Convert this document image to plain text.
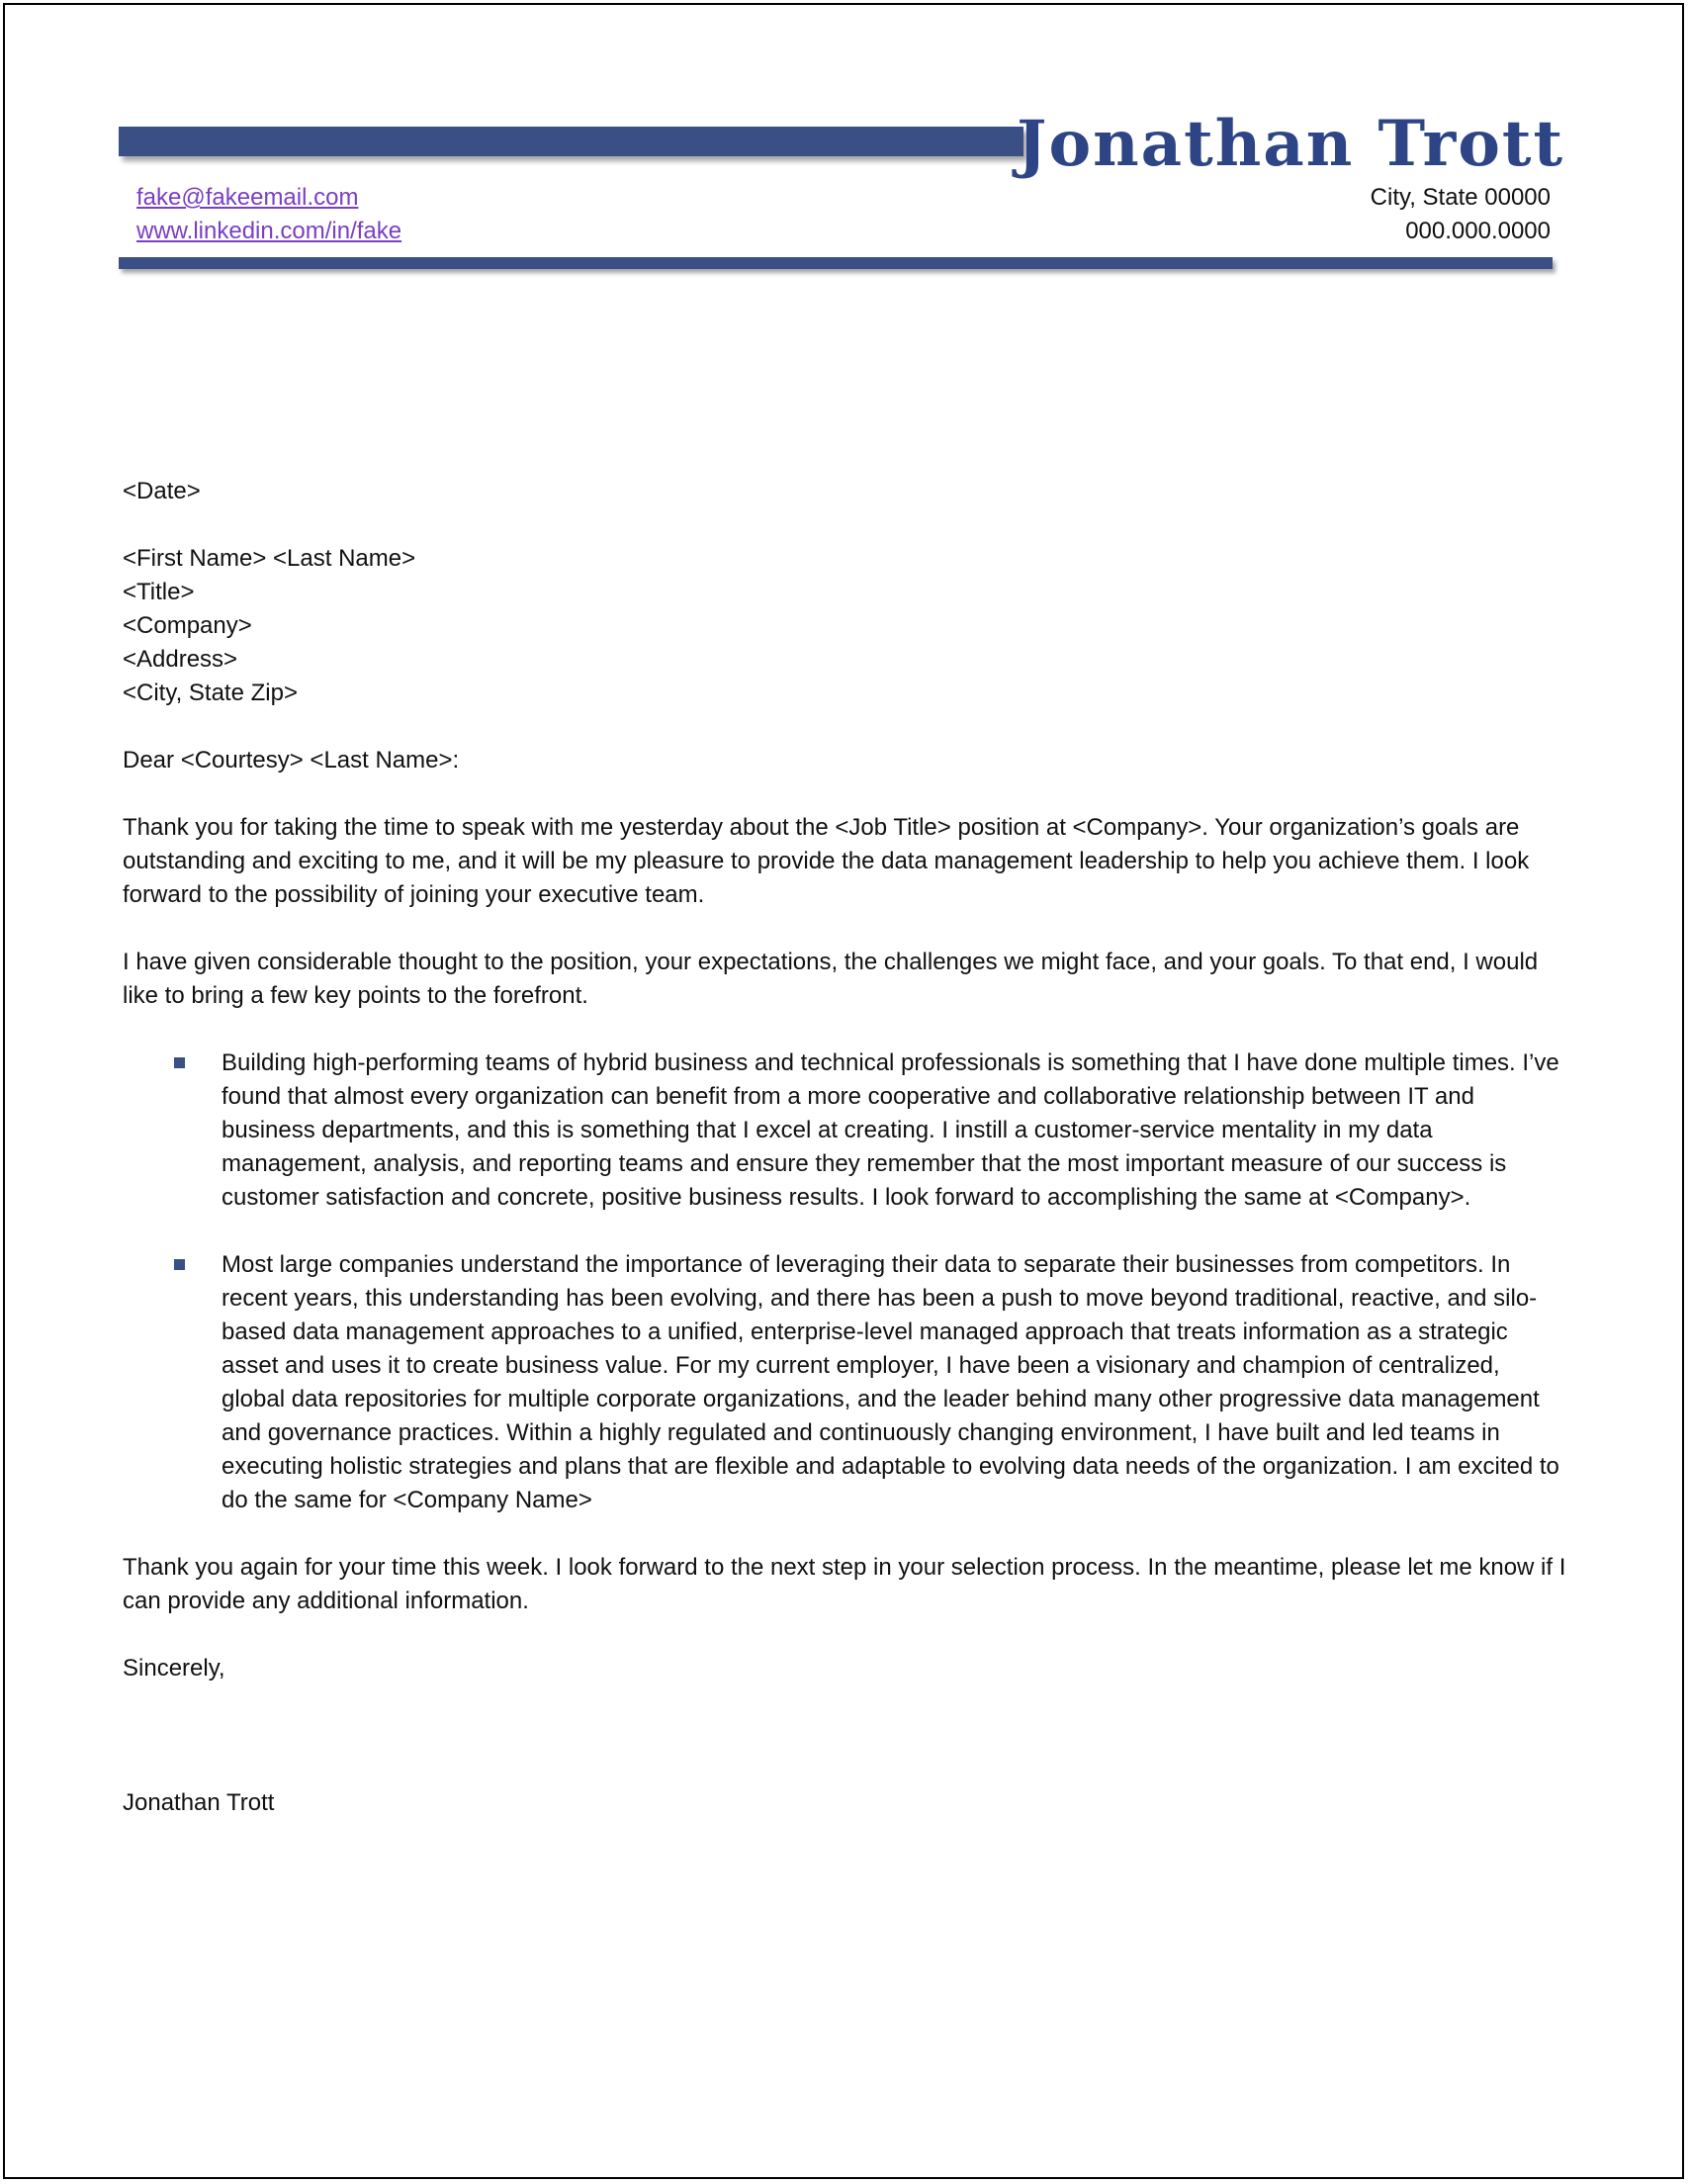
Jonathan Trott
fake@fakeemail.com
www.linkedin.com/in/fake
City, State 00000
000.000.0000

<Date>

<First Name> <Last Name>
<Title>
<Company>
<Address>
<City, State Zip>

Dear <Courtesy> <Last Name>:

Thank you for taking the time to speak with me yesterday about the <Job Title> position at <Company>. Your organization’s goals are outstanding and exciting to me, and it will be my pleasure to provide the data management leadership to help you achieve them. I look forward to the possibility of joining your executive team.

I have given considerable thought to the position, your expectations, the challenges we might face, and your goals. To that end, I would like to bring a few key points to the forefront.

Building high-performing teams of hybrid business and technical professionals is something that I have done multiple times. I’ve found that almost every organization can benefit from a more cooperative and collaborative relationship between IT and business departments, and this is something that I excel at creating. I instill a customer-service mentality in my data management, analysis, and reporting teams and ensure they remember that the most important measure of our success is customer satisfaction and concrete, positive business results. I look forward to accomplishing the same at <Company>.
Most large companies understand the importance of leveraging their data to separate their businesses from competitors. In recent years, this understanding has been evolving, and there has been a push to move beyond traditional, reactive, and silo-based data management approaches to a unified, enterprise-level managed approach that treats information as a strategic asset and uses it to create business value. For my current employer, I have been a visionary and champion of centralized, global data repositories for multiple corporate organizations, and the leader behind many other progressive data management and governance practices. Within a highly regulated and continuously changing environment, I have built and led teams in executing holistic strategies and plans that are flexible and adaptable to evolving data needs of the organization. I am excited to do the same for <Company Name>

Thank you again for your time this week. I look forward to the next step in your selection process. In the meantime, please let me know if I can provide any additional information.

Sincerely,

Jonathan Trott
